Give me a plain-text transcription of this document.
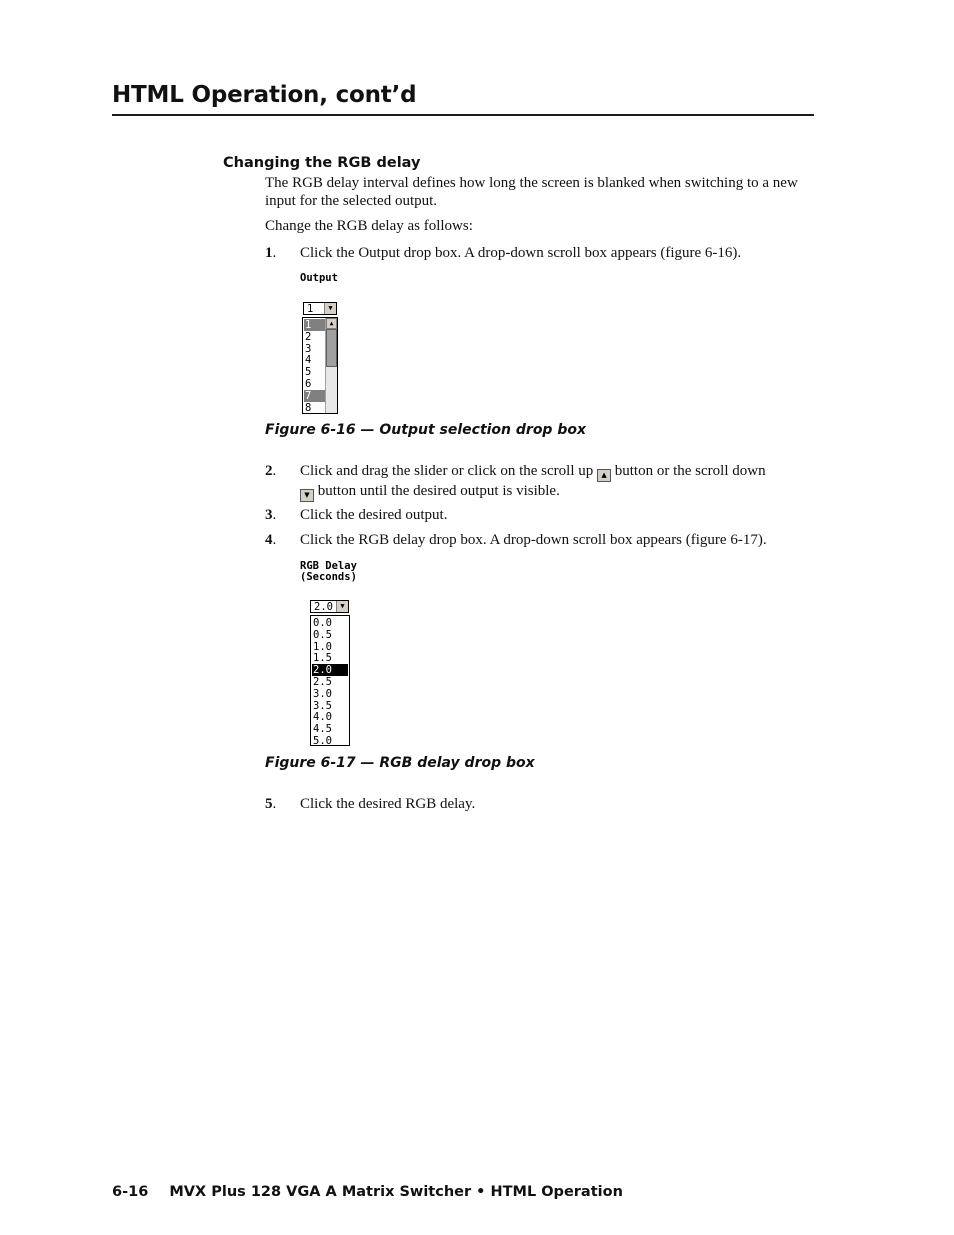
HTML Operation, cont’d
Changing the RGB delay
The RGB delay interval defines how long the screen is blanked when switching to a new input for the selected output.
Change the RGB delay as follows:
1. Click the Output drop box. A drop-down scroll box appears (figure 6-16).
Output
1	▼
1
2
3
4
5
6
7
8
▲
Figure 6-16 — Output selection drop box
2. Click and drag the slider or click on the scroll up ▲ button or the scroll down
▼ button until the desired output is visible.
3. Click the desired output.
4. Click the RGB delay drop box. A drop-down scroll box appears (figure 6-17).
RGB Delay
(Seconds)
2.0	▼
0.0
0.5
1.0
1.5
2.0
2.5
3.0
3.5
4.0
4.5
5.0
Figure 6-17 — RGB delay drop box
5. Click the desired RGB delay.
6-16 MVX Plus 128 VGA A Matrix Switcher • HTML Operation
